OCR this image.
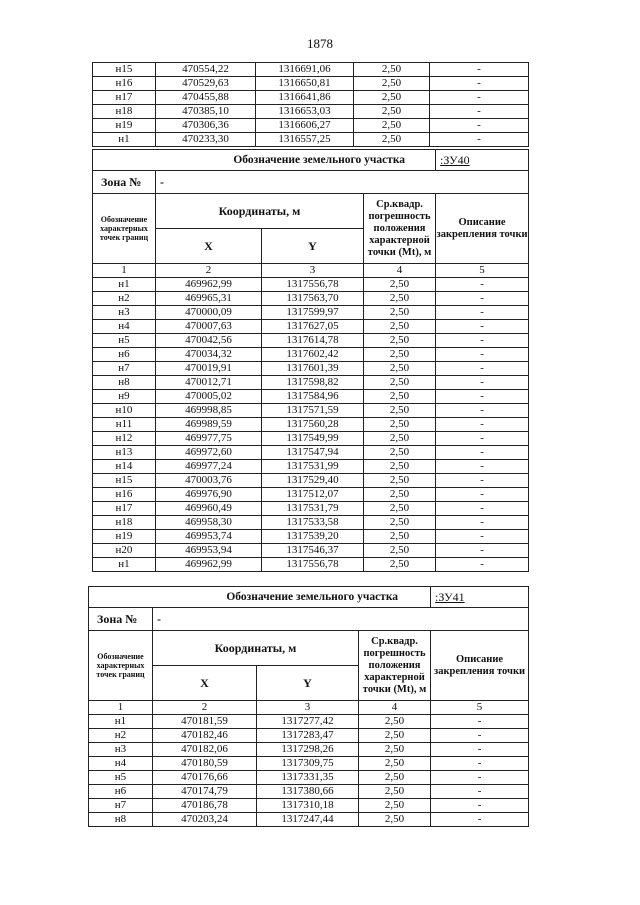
1878
н15	470554,22	1316691,06	2,50	-
н16	470529,63	1316650,81	2,50	-
н17	470455,88	1316641,86	2,50	-
н18	470385,10	1316653,03	2,50	-
н19	470306,36	1316606,27	2,50	-
н1	470233,30	1316557,25	2,50	-
Обозначение земельного участка				:ЗУ40
Зона №	-			
Обозначение характерных точек границ	Координаты, м		Ср.квадр. погрешность положения характерной точки (Mt), м	Описание закрепления точки
	X	Y		
1	2	3	4	5
н1	469962,99	1317556,78	2,50	-
н2	469965,31	1317563,70	2,50	-
н3	470000,09	1317599,97	2,50	-
н4	470007,63	1317627,05	2,50	-
н5	470042,56	1317614,78	2,50	-
н6	470034,32	1317602,42	2,50	-
н7	470019,91	1317601,39	2,50	-
н8	470012,71	1317598,82	2,50	-
н9	470005,02	1317584,96	2,50	-
н10	469998,85	1317571,59	2,50	-
н11	469989,59	1317560,28	2,50	-
н12	469977,75	1317549,99	2,50	-
н13	469972,60	1317547,94	2,50	-
н14	469977,24	1317531,99	2,50	-
н15	470003,76	1317529,40	2,50	-
н16	469976,90	1317512,07	2,50	-
н17	469960,49	1317531,79	2,50	-
н18	469958,30	1317533,58	2,50	-
н19	469953,74	1317539,20	2,50	-
н20	469953,94	1317546,37	2,50	-
н1	469962,99	1317556,78	2,50	-
Обозначение земельного участка				:ЗУ41
Зона №	-			
Обозначение характерных точек границ	Координаты, м		Ср.квадр. погрешность положения характерной точки (Mt), м	Описание закрепления точки
	X	Y		
1	2	3	4	5
н1	470181,59	1317277,42	2,50	-
н2	470182,46	1317283,47	2,50	-
н3	470182,06	1317298,26	2,50	-
н4	470180,59	1317309,75	2,50	-
н5	470176,66	1317331,35	2,50	-
н6	470174,79	1317380,66	2,50	-
н7	470186,78	1317310,18	2,50	-
н8	470203,24	1317247,44	2,50	-
